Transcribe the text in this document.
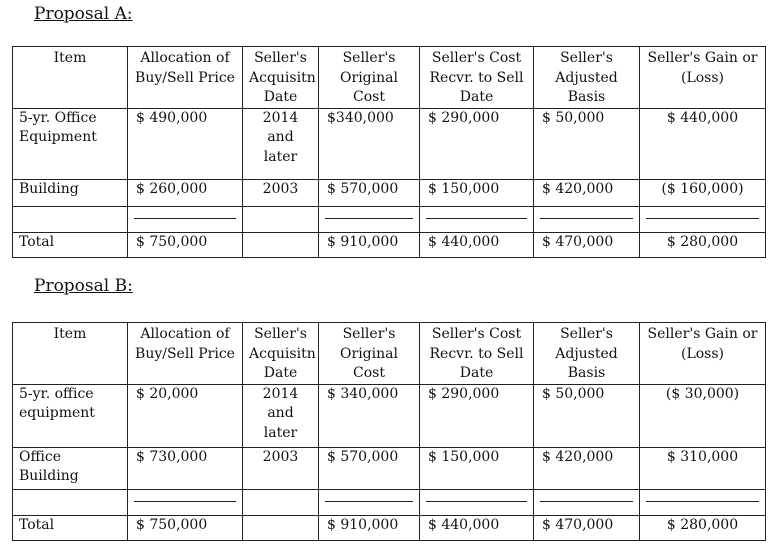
Proposal A:
Item	Allocation of Buy/Sell Price	Seller's Acquisitn Date	Seller's Original Cost	Seller's Cost Recvr. to Sell Date	Seller's Adjusted Basis	Seller's Gain or (Loss)
5-yr. Office Equipment	$ 490,000	2014 and later	$340,000	$ 290,000	$ 50,000	$ 440,000
Building	$ 260,000	2003	$ 570,000	$ 150,000	$ 420,000	($ 160,000)

Total	$ 750,000		$ 910,000	$ 440,000	$ 470,000	$ 280,000
Proposal B:
Item	Allocation of Buy/Sell Price	Seller's Acquisitn Date	Seller's Original Cost	Seller's Cost Recvr. to Sell Date	Seller's Adjusted Basis	Seller's Gain or (Loss)
5-yr. office equipment	$ 20,000	2014 and later	$ 340,000	$ 290,000	$ 50,000	($ 30,000)
Office Building	$ 730,000	2003	$ 570,000	$ 150,000	$ 420,000	$ 310,000

Total	$ 750,000		$ 910,000	$ 440,000	$ 470,000	$ 280,000
